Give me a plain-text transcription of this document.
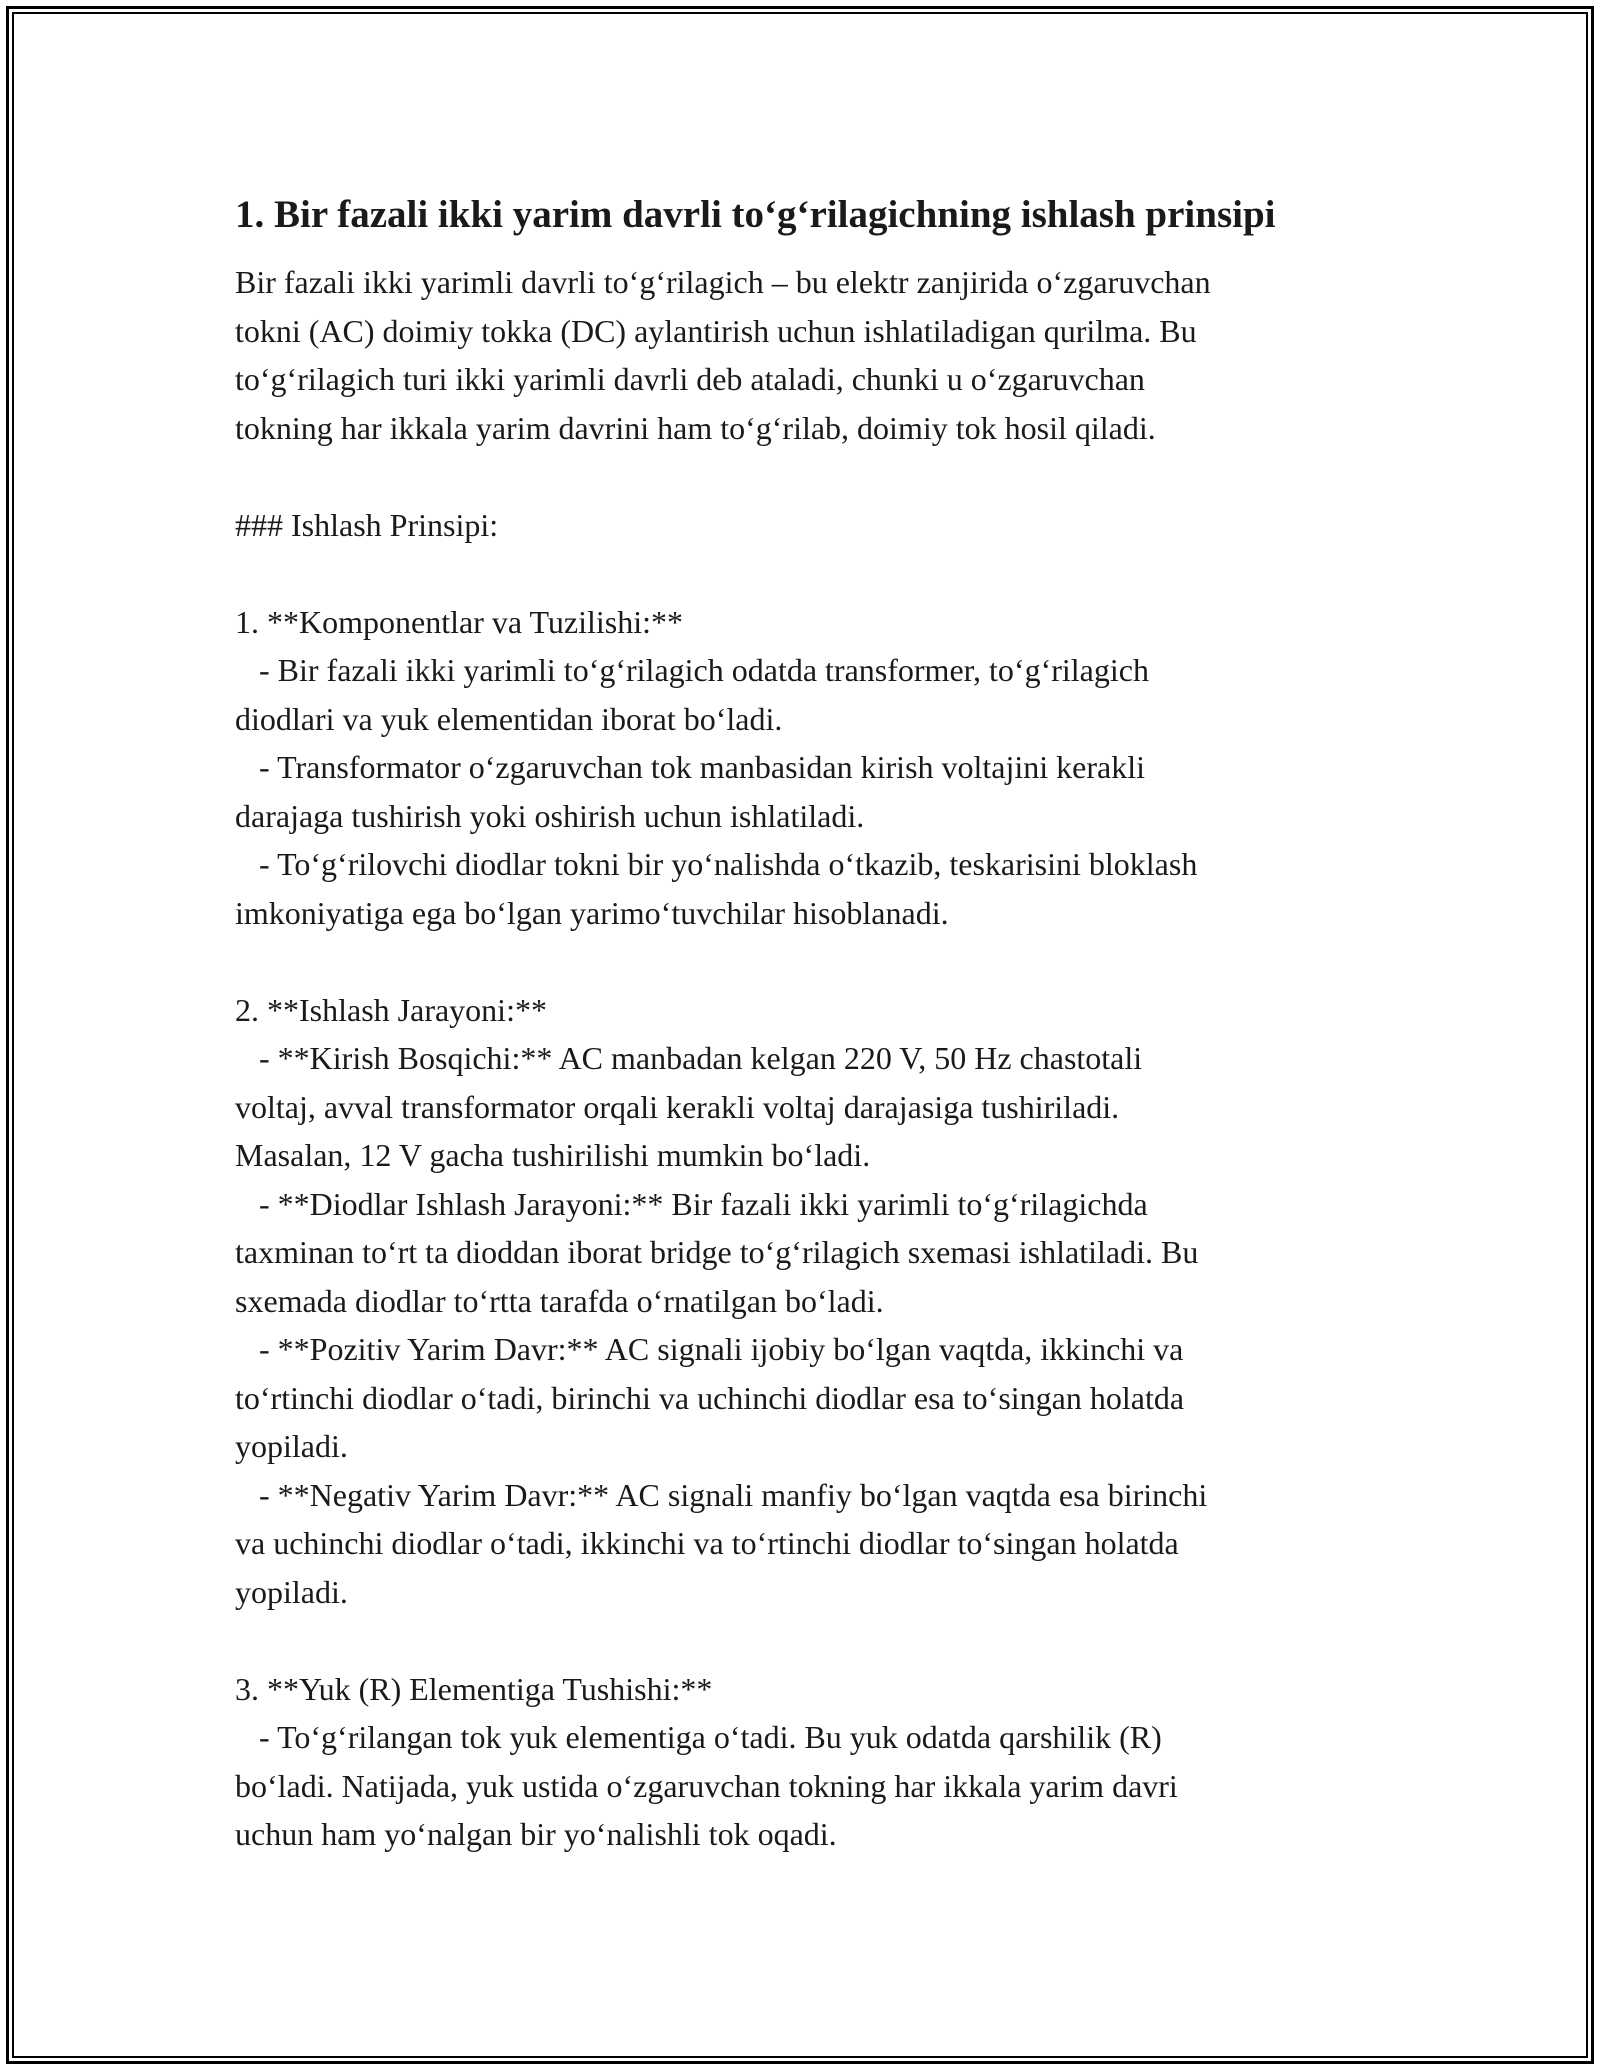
1. Bir fazali ikki yarim davrli to‘g‘rilagichning ishlash prinsipi
Bir fazali ikki yarimli davrli to‘g‘rilagich – bu elektr zanjirida o‘zgaruvchan
tokni (AC) doimiy tokka (DC) aylantirish uchun ishlatiladigan qurilma. Bu
to‘g‘rilagich turi ikki yarimli davrli deb ataladi, chunki u o‘zgaruvchan
tokning har ikkala yarim davrini ham to‘g‘rilab, doimiy tok hosil qiladi.
### Ishlash Prinsipi:
1. **Komponentlar va Tuzilishi:**
- Bir fazali ikki yarimli to‘g‘rilagich odatda transformer, to‘g‘rilagich
diodlari va yuk elementidan iborat bo‘ladi.
- Transformator o‘zgaruvchan tok manbasidan kirish voltajini kerakli
darajaga tushirish yoki oshirish uchun ishlatiladi.
- To‘g‘rilovchi diodlar tokni bir yo‘nalishda o‘tkazib, teskarisini bloklash
imkoniyatiga ega bo‘lgan yarimo‘tuvchilar hisoblanadi.
2. **Ishlash Jarayoni:**
- **Kirish Bosqichi:** AC manbadan kelgan 220 V, 50 Hz chastotali
voltaj, avval transformator orqali kerakli voltaj darajasiga tushiriladi.
Masalan, 12 V gacha tushirilishi mumkin bo‘ladi.
- **Diodlar Ishlash Jarayoni:** Bir fazali ikki yarimli to‘g‘rilagichda
taxminan to‘rt ta dioddan iborat bridge to‘g‘rilagich sxemasi ishlatiladi. Bu
sxemada diodlar to‘rtta tarafda o‘rnatilgan bo‘ladi.
- **Pozitiv Yarim Davr:** AC signali ijobiy bo‘lgan vaqtda, ikkinchi va
to‘rtinchi diodlar o‘tadi, birinchi va uchinchi diodlar esa to‘singan holatda
yopiladi.
- **Negativ Yarim Davr:** AC signali manfiy bo‘lgan vaqtda esa birinchi
va uchinchi diodlar o‘tadi, ikkinchi va to‘rtinchi diodlar to‘singan holatda
yopiladi.
3. **Yuk (R) Elementiga Tushishi:**
- To‘g‘rilangan tok yuk elementiga o‘tadi. Bu yuk odatda qarshilik (R)
bo‘ladi. Natijada, yuk ustida o‘zgaruvchan tokning har ikkala yarim davri
uchun ham yo‘nalgan bir yo‘nalishli tok oqadi.
